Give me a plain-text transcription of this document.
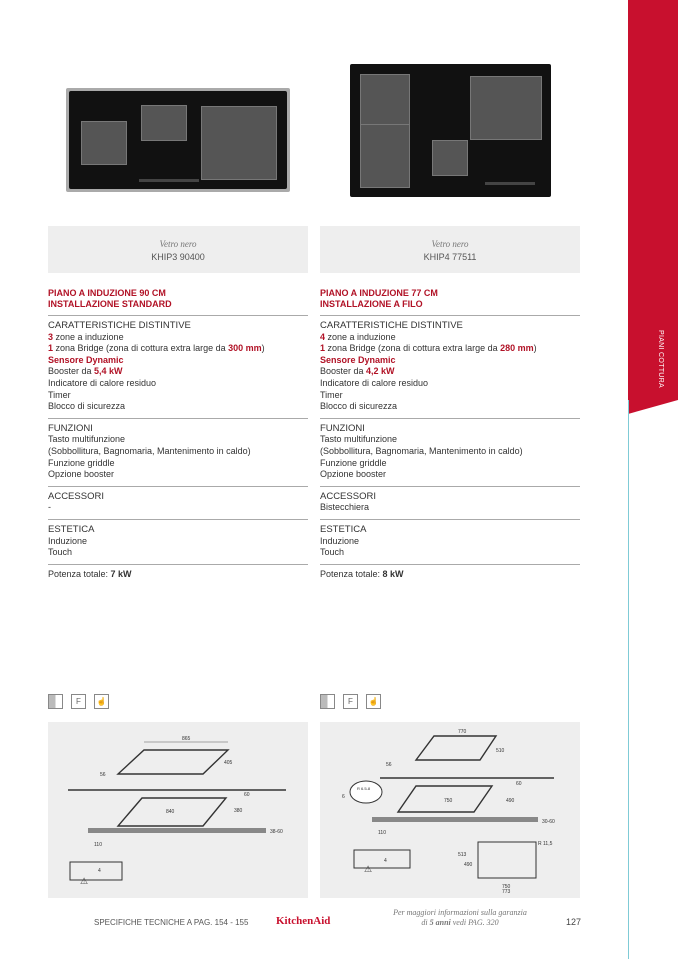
PIANI COTTURA
Vetro nero
KHIP3 90400
Vetro nero
KHIP4 77511
PIANO A INDUZIONE 90 CM
INSTALLAZIONE STANDARD
CARATTERISTICHE DISTINTIVE
3 zone a induzione
1 zona Bridge (zona di cottura extra large da 300 mm)
Sensore Dynamic
Booster da 5,4 kW
Indicatore di calore residuo
Timer
Blocco di sicurezza
FUNZIONI
Tasto multifunzione
(Sobbollitura, Bagnomaria, Mantenimento in caldo)
Funzione griddle
Opzione booster
ACCESSORI
-
ESTETICA
Induzione
Touch
Potenza totale: 7 kW
PIANO A INDUZIONE 77 CM
INSTALLAZIONE A FILO
CARATTERISTICHE DISTINTIVE
4 zone a induzione
1 zona Bridge (zona di cottura extra large da 280 mm)
Sensore Dynamic
Booster da 4,2 kW
Indicatore di calore residuo
Timer
Blocco di sicurezza
FUNZIONI
Tasto multifunzione
(Sobbollitura, Bagnomaria, Mantenimento in caldo)
Funzione griddle
Opzione booster
ACCESSORI
Bistecchiera
ESTETICA
Induzione
Touch
Potenza totale: 8 kW
F	☝	F	☝
865
405
56
840	380
60
38-60
110
4
⚠
770
510
56
750	490
60
R 6.5-8
6
30-60
110
R 11,5
513
490
750
773
4
⚠
SPECIFICHE TECNICHE A PAG. 154 - 155	KitchenAid
Per maggiori informazioni sulla garanzia
di 5 anni vedi PAG. 320	127
